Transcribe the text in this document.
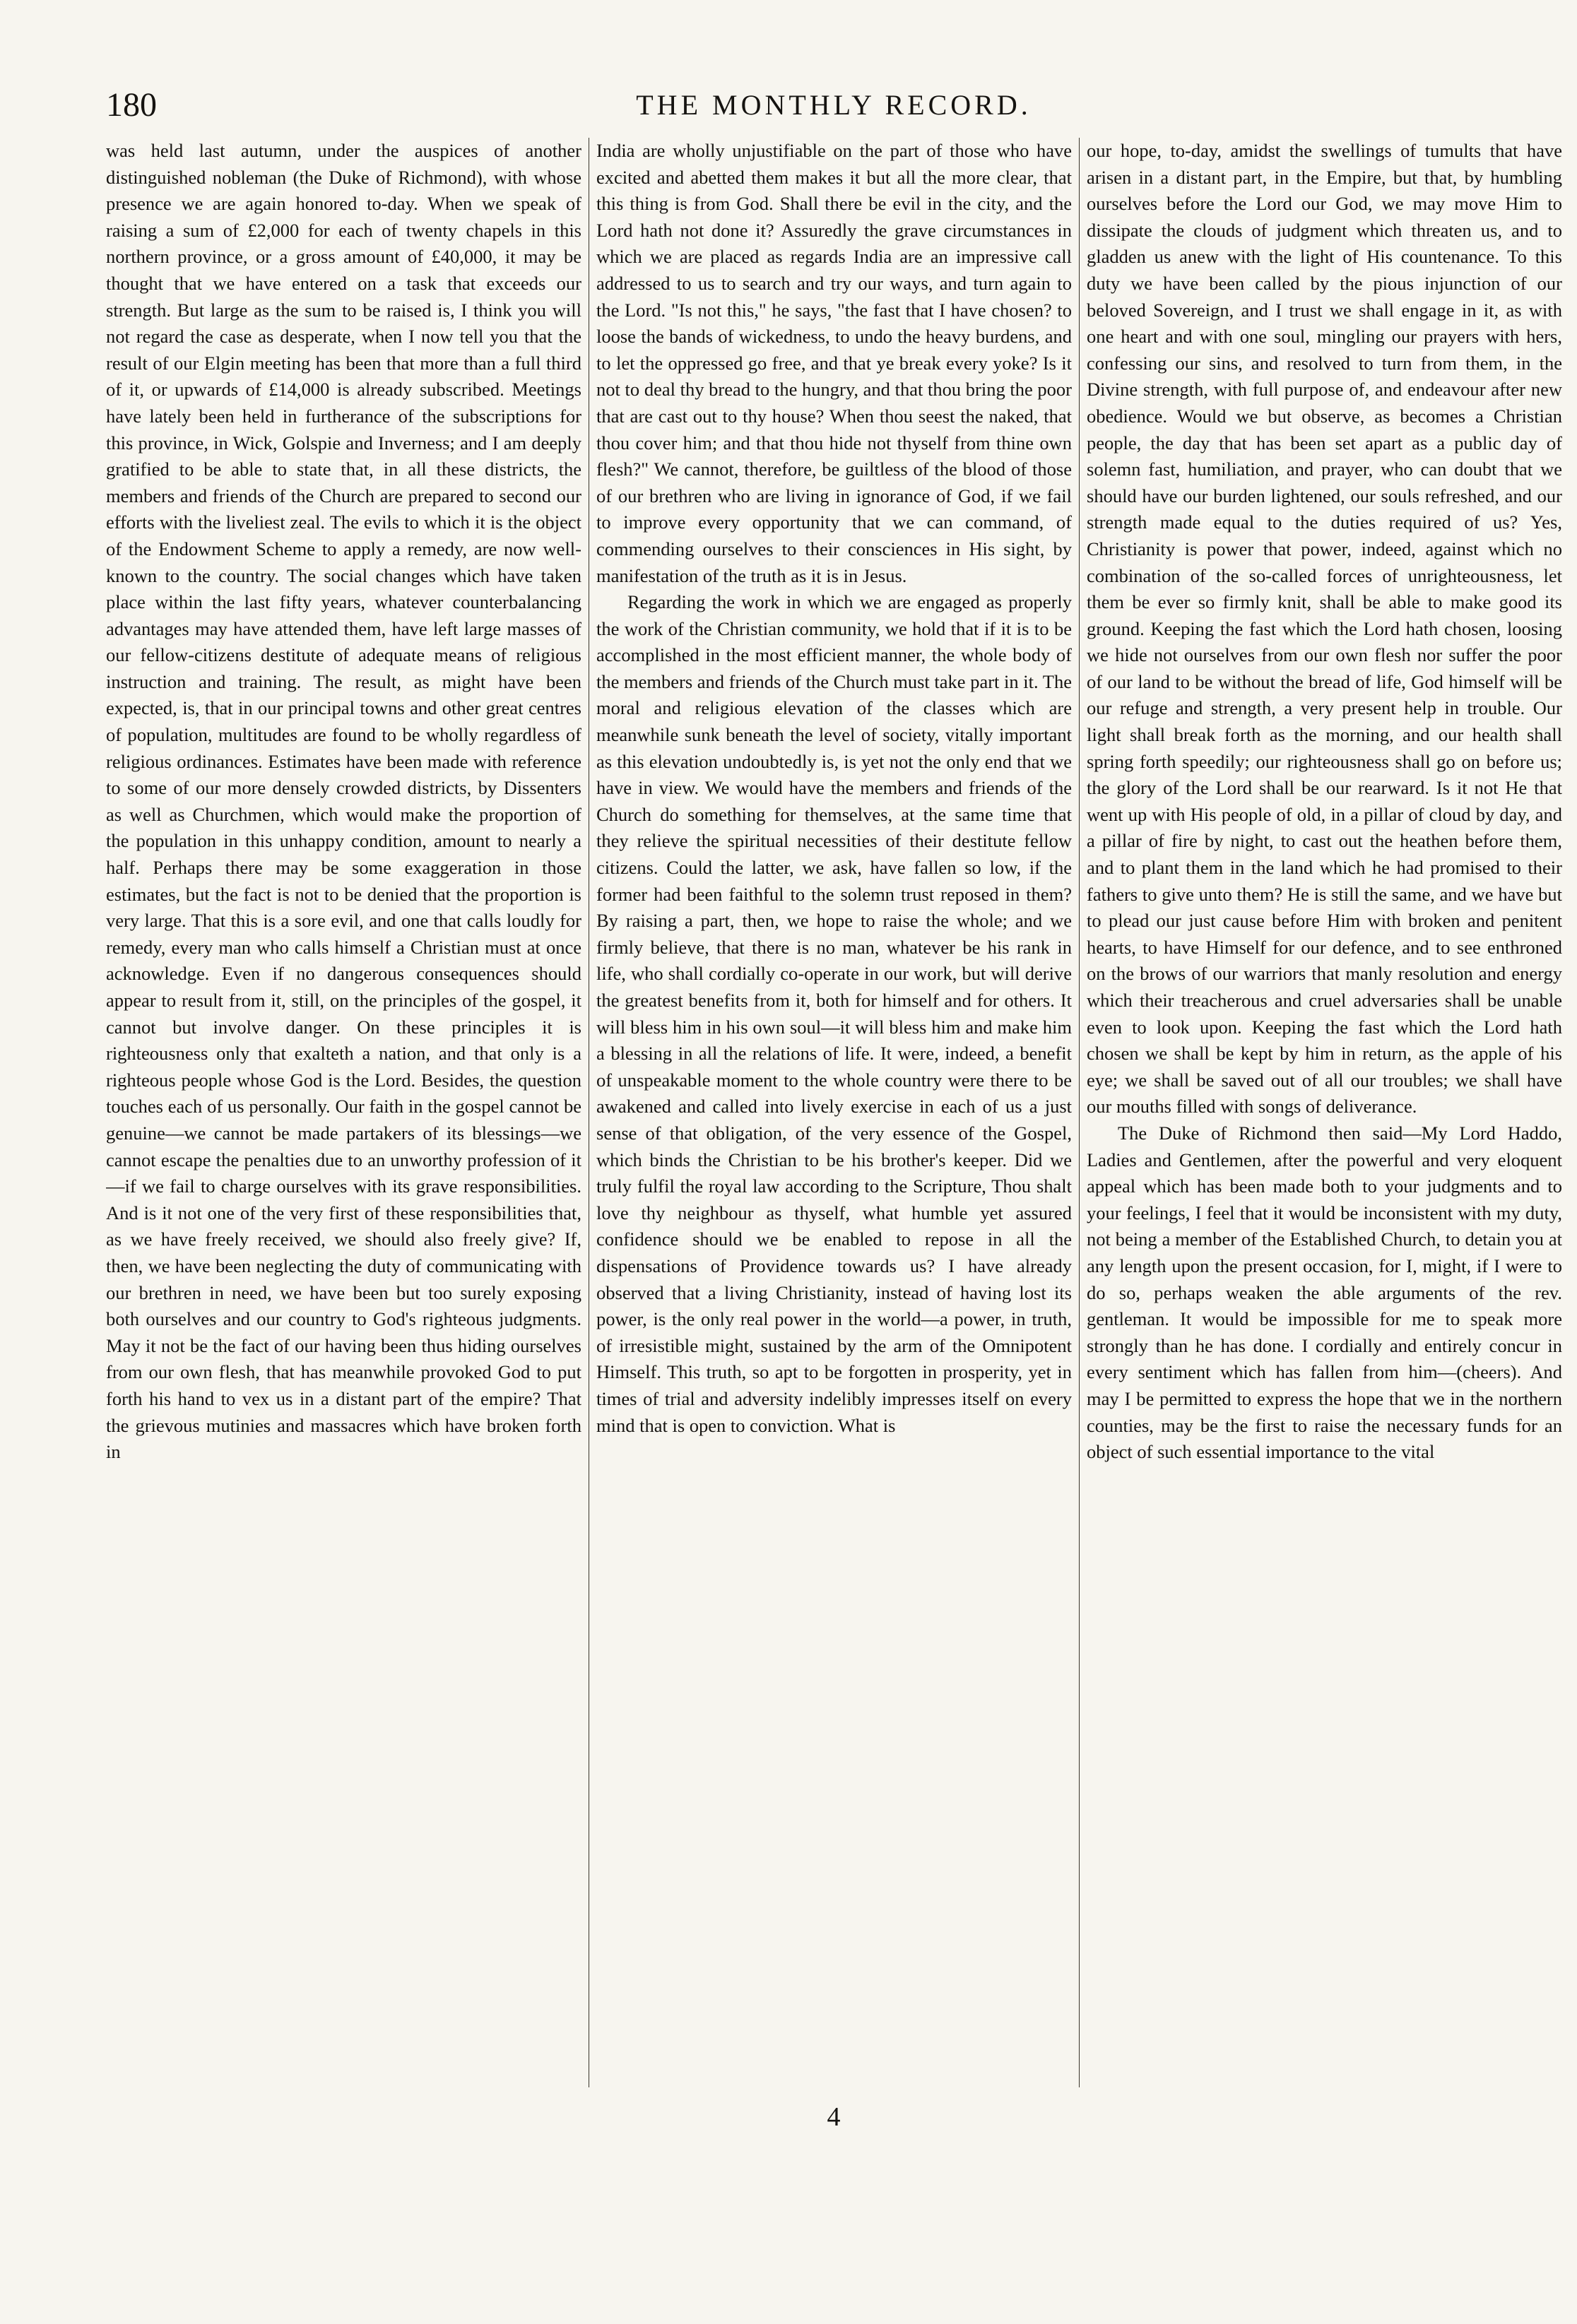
180	THE MONTHLY RECORD.

was held last autumn, under the auspices of another distinguished nobleman (the Duke of Richmond), with whose presence we are again honored to-day. When we speak of raising a sum of £2,000 for each of twenty chapels in this northern province, or a gross amount of £40,000, it may be thought that we have entered on a task that exceeds our strength. But large as the sum to be raised is, I think you will not regard the case as desperate, when I now tell you that the result of our Elgin meeting has been that more than a full third of it, or upwards of £14,000 is already subscribed. Meetings have lately been held in furtherance of the subscriptions for this province, in Wick, Golspie and Inverness; and I am deeply gratified to be able to state that, in all these districts, the members and friends of the Church are prepared to second our efforts with the liveliest zeal. The evils to which it is the object of the Endowment Scheme to apply a remedy, are now well-known to the country. The social changes which have taken place within the last fifty years, whatever counterbalancing advantages may have attended them, have left large masses of our fellow-citizens destitute of adequate means of religious instruction and training. The result, as might have been expected, is, that in our principal towns and other great centres of population, multitudes are found to be wholly regardless of religious ordinances. Estimates have been made with reference to some of our more densely crowded districts, by Dissenters as well as Churchmen, which would make the proportion of the population in this unhappy condition, amount to nearly a half. Perhaps there may be some exaggeration in those estimates, but the fact is not to be denied that the proportion is very large. That this is a sore evil, and one that calls loudly for remedy, every man who calls himself a Christian must at once acknowledge. Even if no dangerous consequences should appear to result from it, still, on the principles of the gospel, it cannot but involve danger. On these principles it is righteousness only that exalteth a nation, and that only is a righteous people whose God is the Lord. Besides, the question touches each of us personally. Our faith in the gospel cannot be genuine—we cannot be made partakers of its blessings—we cannot escape the penalties due to an unworthy profession of it—if we fail to charge ourselves with its grave responsibilities. And is it not one of the very first of these responsibilities that, as we have freely received, we should also freely give? If, then, we have been neglecting the duty of communicating with our brethren in need, we have been but too surely exposing both ourselves and our country to God's righteous judgments. May it not be the fact of our having been thus hiding ourselves from our own flesh, that has meanwhile provoked God to put forth his hand to vex us in a distant part of the empire? That the grievous mutinies and massacres which have broken forth in

India are wholly unjustifiable on the part of those who have excited and abetted them makes it but all the more clear, that this thing is from God. Shall there be evil in the city, and the Lord hath not done it? Assuredly the grave circumstances in which we are placed as regards India are an impressive call addressed to us to search and try our ways, and turn again to the Lord. "Is not this," he says, "the fast that I have chosen? to loose the bands of wickedness, to undo the heavy burdens, and to let the oppressed go free, and that ye break every yoke? Is it not to deal thy bread to the hungry, and that thou bring the poor that are cast out to thy house? When thou seest the naked, that thou cover him; and that thou hide not thyself from thine own flesh?" We cannot, therefore, be guiltless of the blood of those of our brethren who are living in ignorance of God, if we fail to improve every opportunity that we can command, of commending ourselves to their consciences in His sight, by manifestation of the truth as it is in Jesus.

Regarding the work in which we are engaged as properly the work of the Christian community, we hold that if it is to be accomplished in the most efficient manner, the whole body of the members and friends of the Church must take part in it. The moral and religious elevation of the classes which are meanwhile sunk beneath the level of society, vitally important as this elevation undoubtedly is, is yet not the only end that we have in view. We would have the members and friends of the Church do something for themselves, at the same time that they relieve the spiritual necessities of their destitute fellow citizens. Could the latter, we ask, have fallen so low, if the former had been faithful to the solemn trust reposed in them? By raising a part, then, we hope to raise the whole; and we firmly believe, that there is no man, whatever be his rank in life, who shall cordially co-operate in our work, but will derive the greatest benefits from it, both for himself and for others. It will bless him in his own soul—it will bless him and make him a blessing in all the relations of life. It were, indeed, a benefit of unspeakable moment to the whole country were there to be awakened and called into lively exercise in each of us a just sense of that obligation, of the very essence of the Gospel, which binds the Christian to be his brother's keeper. Did we truly fulfil the royal law according to the Scripture, Thou shalt love thy neighbour as thyself, what humble yet assured confidence should we be enabled to repose in all the dispensations of Providence towards us? I have already observed that a living Christianity, instead of having lost its power, is the only real power in the world—a power, in truth, of irresistible might, sustained by the arm of the Omnipotent Himself. This truth, so apt to be forgotten in prosperity, yet in times of trial and adversity indelibly impresses itself on every mind that is open to conviction. What is

our hope, to-day, amidst the swellings of tumults that have arisen in a distant part, in the Empire, but that, by humbling ourselves before the Lord our God, we may move Him to dissipate the clouds of judgment which threaten us, and to gladden us anew with the light of His countenance. To this duty we have been called by the pious injunction of our beloved Sovereign, and I trust we shall engage in it, as with one heart and with one soul, mingling our prayers with hers, confessing our sins, and resolved to turn from them, in the Divine strength, with full purpose of, and endeavour after new obedience. Would we but observe, as becomes a Christian people, the day that has been set apart as a public day of solemn fast, humiliation, and prayer, who can doubt that we should have our burden lightened, our souls refreshed, and our strength made equal to the duties required of us? Yes, Christianity is power that power, indeed, against which no combination of the so-called forces of unrighteousness, let them be ever so firmly knit, shall be able to make good its ground. Keeping the fast which the Lord hath chosen, loosing we hide not ourselves from our own flesh nor suffer the poor of our land to be without the bread of life, God himself will be our refuge and strength, a very present help in trouble. Our light shall break forth as the morning, and our health shall spring forth speedily; our righteousness shall go on before us; the glory of the Lord shall be our rearward. Is it not He that went up with His people of old, in a pillar of cloud by day, and a pillar of fire by night, to cast out the heathen before them, and to plant them in the land which he had promised to their fathers to give unto them? He is still the same, and we have but to plead our just cause before Him with broken and penitent hearts, to have Himself for our defence, and to see enthroned on the brows of our warriors that manly resolution and energy which their treacherous and cruel adversaries shall be unable even to look upon. Keeping the fast which the Lord hath chosen we shall be kept by him in return, as the apple of his eye; we shall be saved out of all our troubles; we shall have our mouths filled with songs of deliverance.

The Duke of Richmond then said—My Lord Haddo, Ladies and Gentlemen, after the powerful and very eloquent appeal which has been made both to your judgments and to your feelings, I feel that it would be inconsistent with my duty, not being a member of the Established Church, to detain you at any length upon the present occasion, for I, might, if I were to do so, perhaps weaken the able arguments of the rev. gentleman. It would be impossible for me to speak more strongly than he has done. I cordially and entirely concur in every sentiment which has fallen from him—(cheers). And may I be permitted to express the hope that we in the northern counties, may be the first to raise the necessary funds for an object of such essential importance to the vital

4
